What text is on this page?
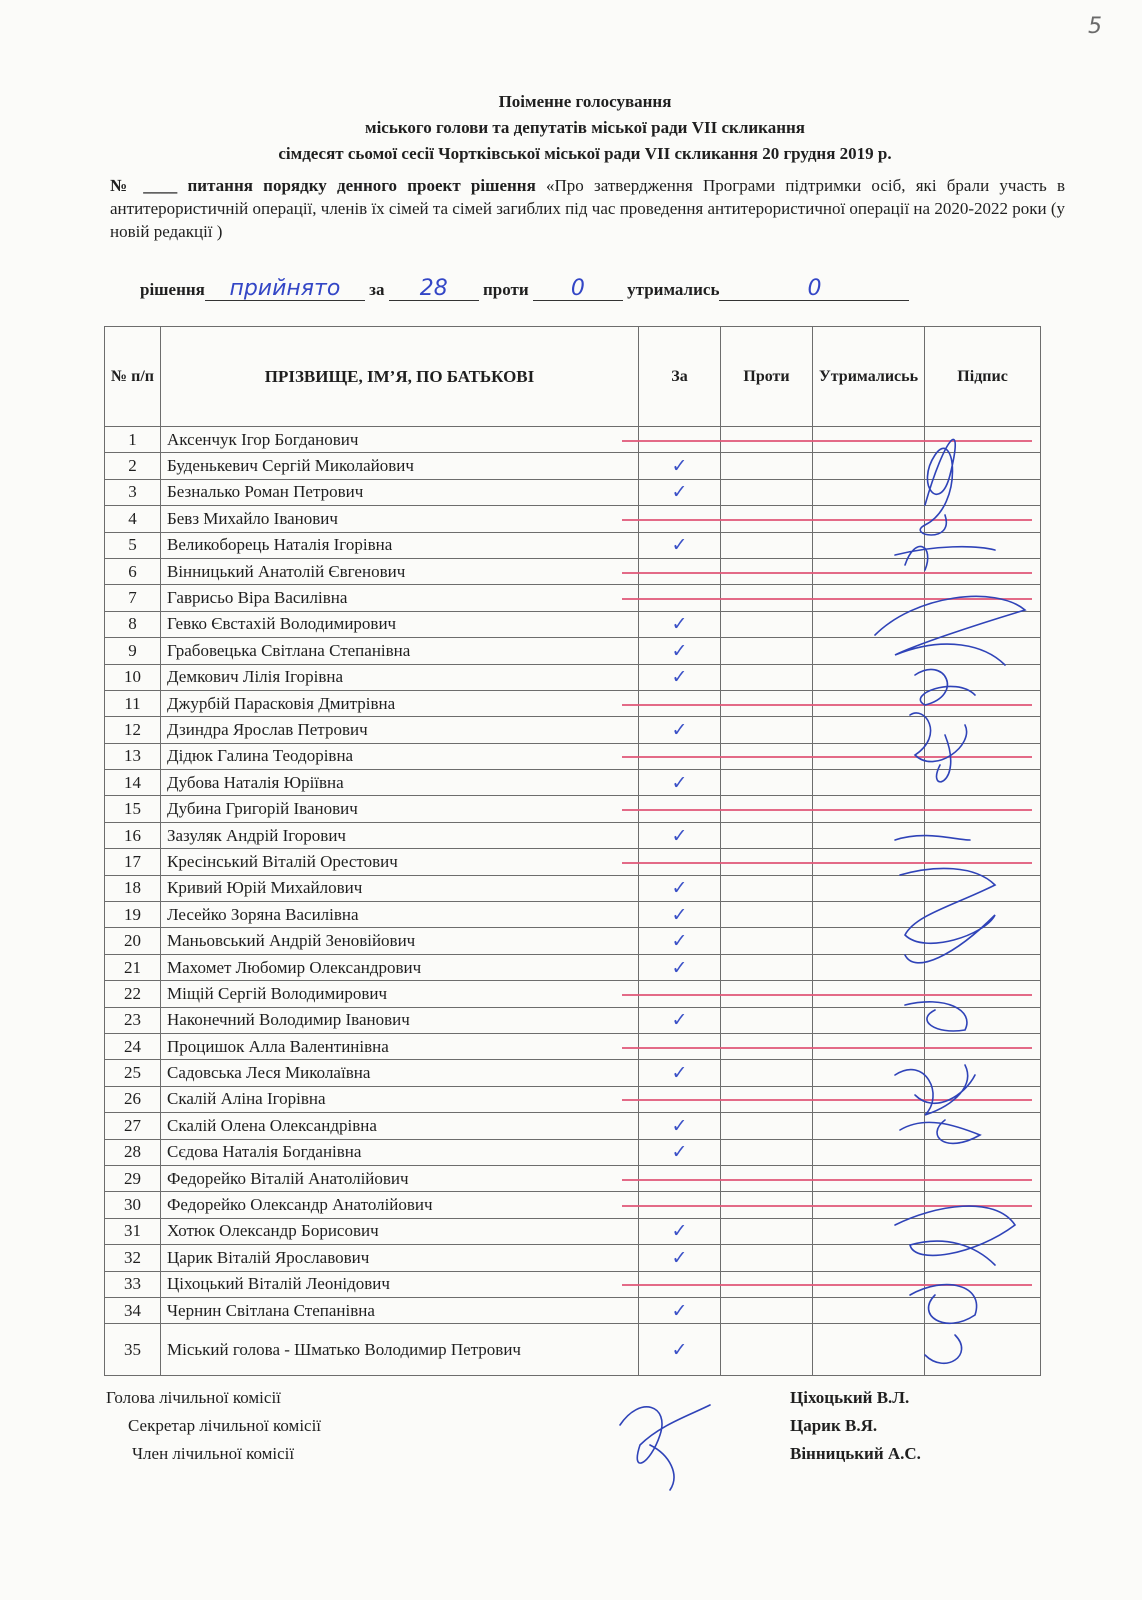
5
Поіменне голосування
міського голови та депутатів міської ради VII скликання
сімдесят сьомої сесії Чортківської міської ради VII скликання 20 грудня 2019 р.
№ ____ питання порядку денного проект рішення «Про затвердження Програми підтримки осіб, які брали участь в антитерористичній операції, членів їх сімей та сімей загиблих під час проведення антитерористичної операції на 2020-2022 роки (у новій редакції )
рішення прийнято за 28 проти 0 утримались	0
№ п/п	ПРІЗВИЩЕ, ІМ’Я, ПО БАТЬКОВІ	За	Проти	Утрималисьь	Підпис
1	Аксенчук Ігор Богданович				
2	Буденькевич Сергій Миколайович	✓			
3	Безналько Роман Петрович	✓			
4	Бевз Михайло Іванович				
5	Великоборець Наталія Ігорівна	✓			
6	Вінницький Анатолій Євгенович				
7	Гаврисьо Віра Василівна				
8	Гевко Євстахій Володимирович	✓			
9	Грабовецька Світлана Степанівна	✓			
10	Демкович Лілія Ігорівна	✓			
11	Джурбій Парасковія Дмитрівна				
12	Дзиндра Ярослав Петрович	✓			
13	Дідюк Галина Теодорівна				
14	Дубова Наталія Юріївна	✓			
15	Дубина Григорій Іванович				
16	Зазуляк Андрій Ігорович	✓			
17	Кресінський Віталій Орестович				
18	Кривий Юрій Михайлович	✓			
19	Лесейко Зоряна Василівна	✓			
20	Маньовський Андрій Зеновійович	✓			
21	Махомет Любомир Олександрович	✓			
22	Міщій Сергій Володимирович				
23	Наконечний Володимир Іванович	✓			
24	Процишок Алла Валентинівна				
25	Садовська Леся Миколаївна	✓			
26	Скалій Аліна Ігорівна				
27	Скалій Олена Олександрівна	✓			
28	Сєдова Наталія Богданівна	✓			
29	Федорейко Віталій Анатолійович				
30	Федорейко Олександр Анатолійович				
31	Хотюк Олександр Борисович	✓			
32	Царик Віталій Ярославович	✓			
33	Ціхоцький Віталій Леонідович				
34	Чернин Світлана Степанівна	✓			
35	Міський голова - Шматько Володимир Петрович	✓			
Голова лічильної комісії
Секретар лічильної комісії
Член лічильної комісії
Ціхоцький В.Л.
Царик В.Я.
Вінницький А.С.
